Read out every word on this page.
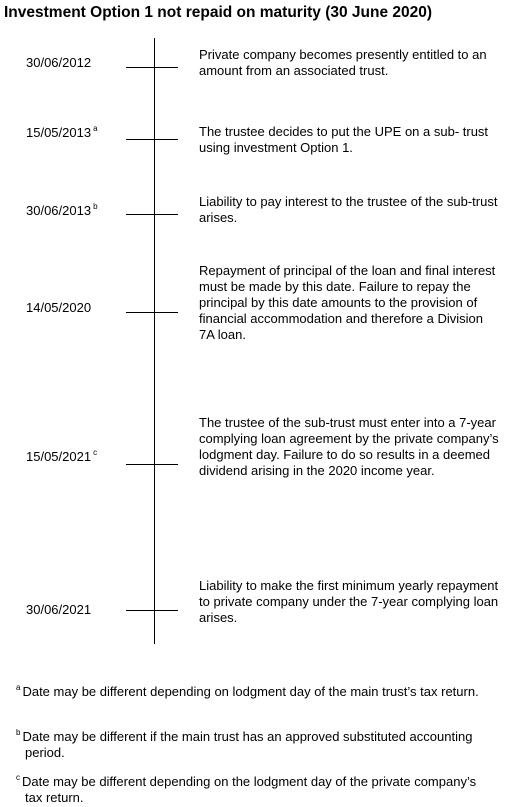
Investment Option 1 not repaid on maturity (30 June 2020)
30/06/2012
Private company becomes presently entitled to an amount from an associated trust.
15/05/2013 $^a$	The trustee decides to put the UPE on a sub- trust using investment Option 1.
30/06/2013 $^b$	Liability to pay interest to the trustee of the sub-trust arises.
14/05/2020
Repayment of principal of the loan and final interest must be made by this date. Failure to repay the principal by this date amounts to the provision of financial accommodation and therefore a Division 7A loan.
15/05/2021 $^c$
The trustee of the sub-trust must enter into a 7-year complying loan agreement by the private company’s lodgment day. Failure to do so results in a deemed dividend arising in the 2020 income year.
30/06/2021
Liability to make the first minimum yearly repayment to private company under the 7-year complying loan arises.
$^a$ Date may be different depending on lodgment day of the main trust’s tax return.
$^b$ Date may be different if the main trust has an approved substituted accounting period.
$^c$ Date may be different depending on the lodgment day of the private company’s tax return.
